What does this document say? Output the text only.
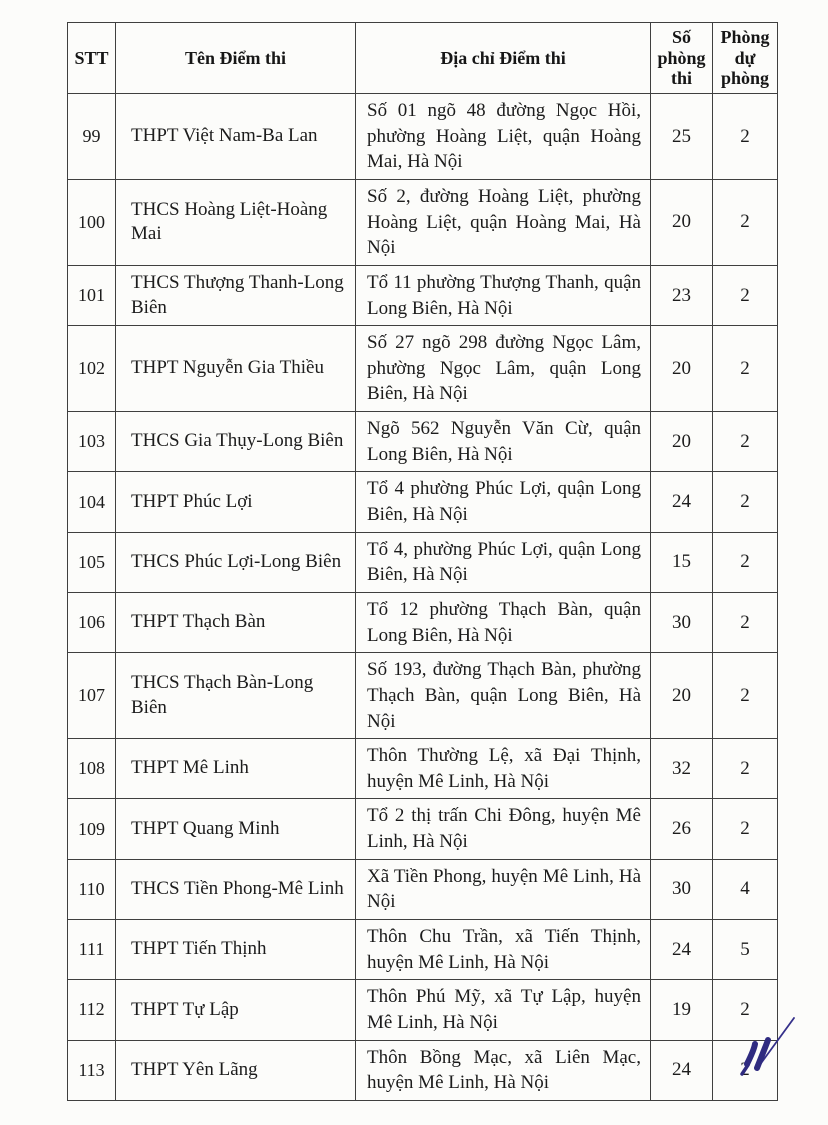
STT	Tên Điểm thi	Địa chỉ Điểm thi	Số phòng thi	Phòng dự phòng
99	THPT Việt Nam-Ba Lan	Số 01 ngõ 48 đường Ngọc Hồi, phường Hoàng Liệt, quận Hoàng Mai, Hà Nội	25	2
100	THCS Hoàng Liệt-Hoàng Mai	Số 2, đường Hoàng Liệt, phường Hoàng Liệt, quận Hoàng Mai, Hà Nội	20	2
101	THCS Thượng Thanh-Long Biên	Tổ 11 phường Thượng Thanh, quận Long Biên, Hà Nội	23	2
102	THPT Nguyễn Gia Thiều	Số 27 ngõ 298 đường Ngọc Lâm, phường Ngọc Lâm, quận Long Biên, Hà Nội	20	2
103	THCS Gia Thụy-Long Biên	Ngõ 562 Nguyễn Văn Cừ, quận Long Biên, Hà Nội	20	2
104	THPT Phúc Lợi	Tổ 4 phường Phúc Lợi, quận Long Biên, Hà Nội	24	2
105	THCS Phúc Lợi-Long Biên	Tổ 4, phường Phúc Lợi, quận Long Biên, Hà Nội	15	2
106	THPT Thạch Bàn	Tổ 12 phường Thạch Bàn, quận Long Biên, Hà Nội	30	2
107	THCS Thạch Bàn-Long Biên	Số 193, đường Thạch Bàn, phường Thạch Bàn, quận Long Biên, Hà Nội	20	2
108	THPT Mê Linh	Thôn Thường Lệ, xã Đại Thịnh, huyện Mê Linh, Hà Nội	32	2
109	THPT Quang Minh	Tổ 2 thị trấn Chi Đông, huyện Mê Linh, Hà Nội	26	2
110	THCS Tiền Phong-Mê Linh	Xã Tiền Phong, huyện Mê Linh, Hà Nội	30	4
111	THPT Tiến Thịnh	Thôn Chu Trần, xã Tiến Thịnh, huyện Mê Linh, Hà Nội	24	5
112	THPT Tự Lập	Thôn Phú Mỹ, xã Tự Lập, huyện Mê Linh, Hà Nội	19	2
113	THPT Yên Lãng	Thôn Bồng Mạc, xã Liên Mạc, huyện Mê Linh, Hà Nội	24	2
